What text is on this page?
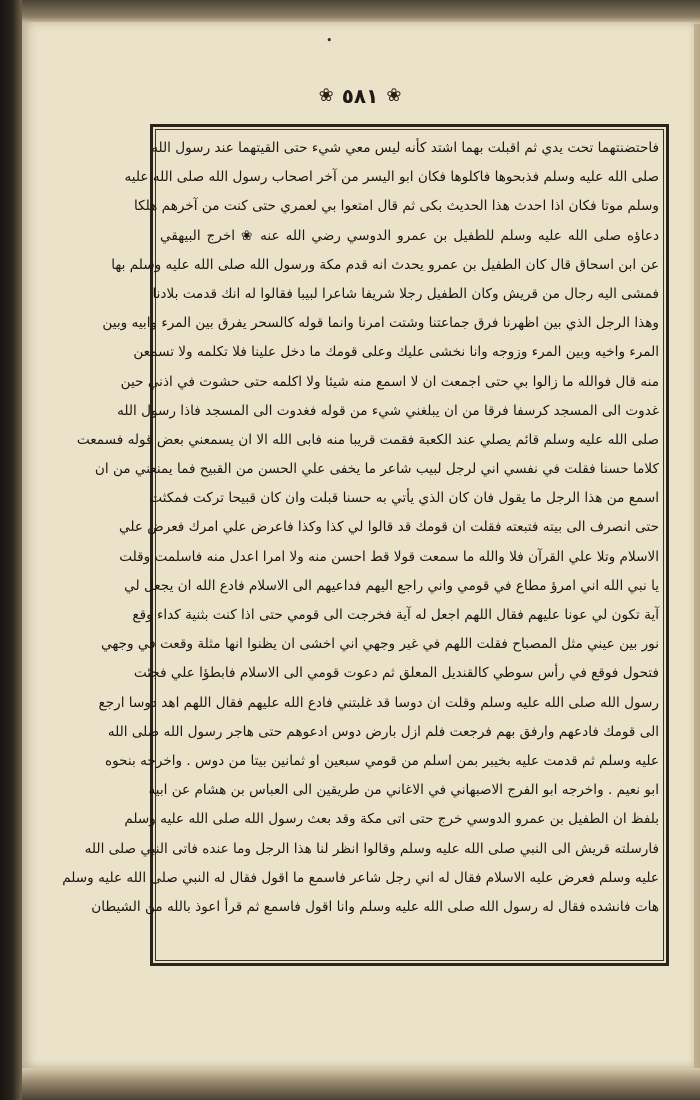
•
❀ ٥٨١ ❀
فاحتضنتهما تحت يدي ثم اقبلت بهما اشتد كأنه ليس معي شيء حتى القيتهما عند رسول الله
صلى الله عليه وسلم فذبحوها فاكلوها فكان ابو اليسر من آخر اصحاب رسول الله صلى الله عليه
وسلم موتا فكان اذا احدث هذا الحديث بكى ثم قال امتعوا بي لعمري حتى كنت من آخرهم هلكا
دعاؤه صلى الله عليه وسلم للطفيل بن عمرو الدوسي رضي الله عنه ❀ اخرج البيهقي
عن ابن اسحاق قال كان الطفيل بن عمرو يحدث انه قدم مكة ورسول الله صلى الله عليه وسلم بها
فمشى اليه رجال من قريش وكان الطفيل رجلا شريفا شاعرا لبيبا فقالوا له انك قدمت بلادنا
وهذا الرجل الذي بين اظهرنا فرق جماعتنا وشتت امرنا وانما قوله كالسحر يفرق بين المرء وابيه وبين
المرء واخيه وبين المرء وزوجه وانا نخشى عليك وعلى قومك ما دخل علينا فلا تكلمه ولا تسمعن
منه قال فوالله ما زالوا بي حتى اجمعت ان لا اسمع منه شيئا ولا اكلمه حتى حشوت في اذني حين
غدوت الى المسجد كرسفا فرقا من ان يبلغني شيء من قوله فغدوت الى المسجد فاذا رسول الله
صلى الله عليه وسلم قائم يصلي عند الكعبة فقمت قريبا منه فابى الله الا ان يسمعني بعض قوله فسمعت
كلاما حسنا فقلت في نفسي اني لرجل لبيب شاعر ما يخفى علي الحسن من القبيح فما يمنعني من ان
اسمع من هذا الرجل ما يقول فان كان الذي يأتي به حسنا قبلت وان كان قبيحا تركت فمكثت
حتى انصرف الى بيته فتبعته فقلت ان قومك قد قالوا لي كذا وكذا فاعرض علي امرك فعرض علي
الاسلام وتلا علي القرآن فلا والله ما سمعت قولا قط احسن منه ولا امرا اعدل منه فاسلمت وقلت
يا نبي الله اني امرؤ مطاع في قومي واني راجع اليهم فداعيهم الى الاسلام فادع الله ان يجعل لي
آية تكون لي عونا عليهم فقال اللهم اجعل له آية فخرجت الى قومي حتى اذا كنت بثنية كداء وقع
نور بين عيني مثل المصباح فقلت اللهم في غير وجهي اني اخشى ان يظنوا انها مثلة وقعت في وجهي
فتحول فوقع في رأس سوطي كالقنديل المعلق ثم دعوت قومي الى الاسلام فابطؤا علي فجئت
رسول الله صلى الله عليه وسلم وقلت ان دوسا قد غلبتني فادع الله عليهم فقال اللهم اهد دوسا ارجع
الى قومك فادعهم وارفق بهم فرجعت فلم ازل بارض دوس ادعوهم حتى هاجر رسول الله صلى الله
عليه وسلم ثم قدمت عليه بخيبر بمن اسلم من قومي سبعين او ثمانين بيتا من دوس . واخرجه بنحوه
ابو نعيم . واخرجه ابو الفرج الاصبهاني في الاغاني من طريقين الى العباس بن هشام عن ابيه
بلفظ ان الطفيل بن عمرو الدوسي خرج حتى اتى مكة وقد بعث رسول الله صلى الله عليه وسلم
فارسلته قريش الى النبي صلى الله عليه وسلم وقالوا انظر لنا هذا الرجل وما عنده فاتى النبي صلى الله
عليه وسلم فعرض عليه الاسلام فقال له اني رجل شاعر فاسمع ما اقول فقال له النبي صلى الله عليه وسلم
هات فانشده فقال له رسول الله صلى الله عليه وسلم وانا اقول فاسمع ثم قرأ اعوذ بالله من الشيطان
